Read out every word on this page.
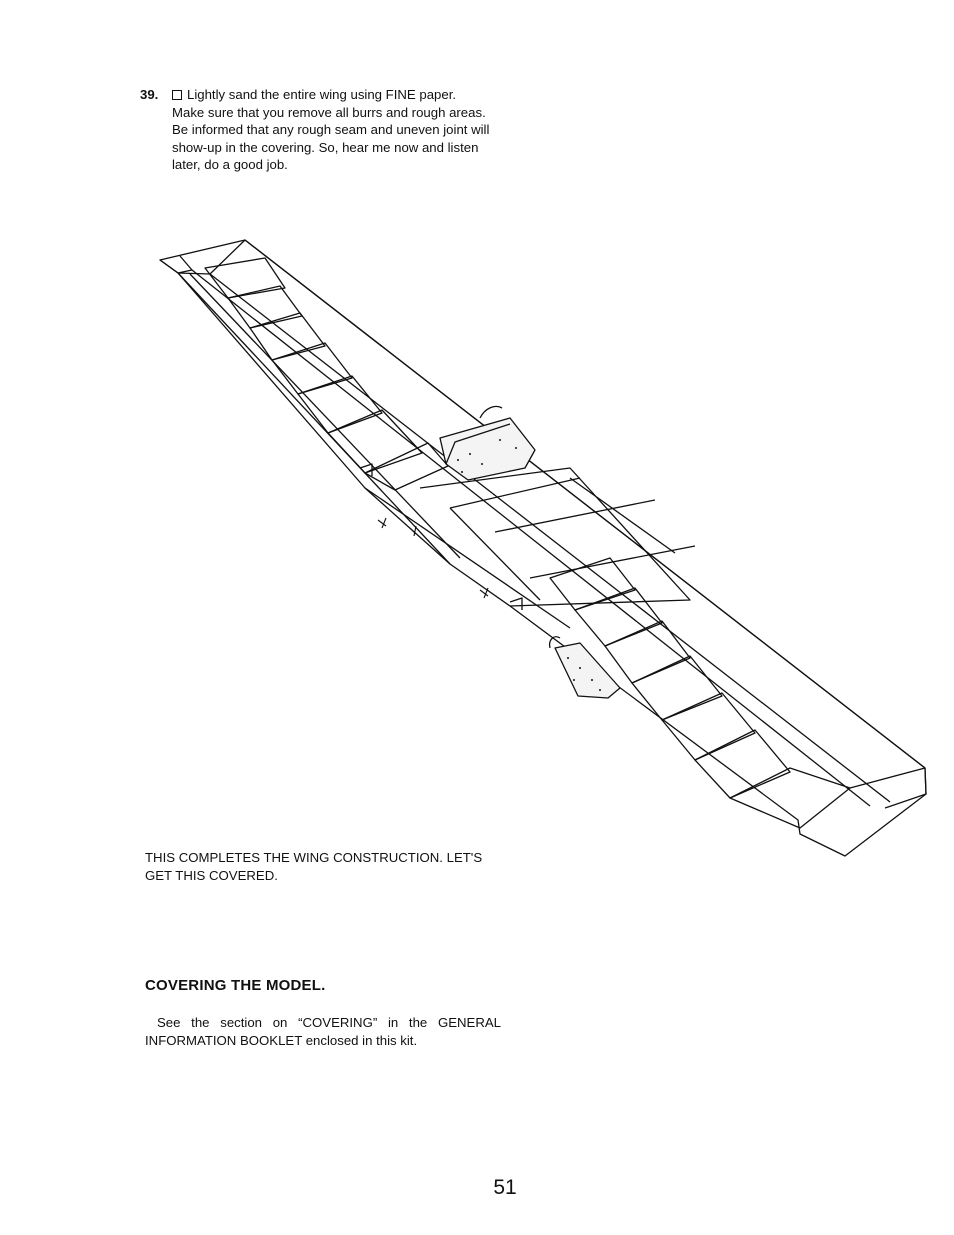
39.	Lightly sand the entire wing using FINE paper.
Make sure that you remove all burrs and rough areas.
Be informed that any rough seam and uneven joint will
show-up in the covering. So, hear me now and listen
later, do a good job.
THIS COMPLETES THE WING CONSTRUCTION. LET'S
GET THIS COVERED.
COVERING THE MODEL.
See the section on “COVERING” in the GENERAL INFORMATION BOOKLET enclosed in this kit.
51
